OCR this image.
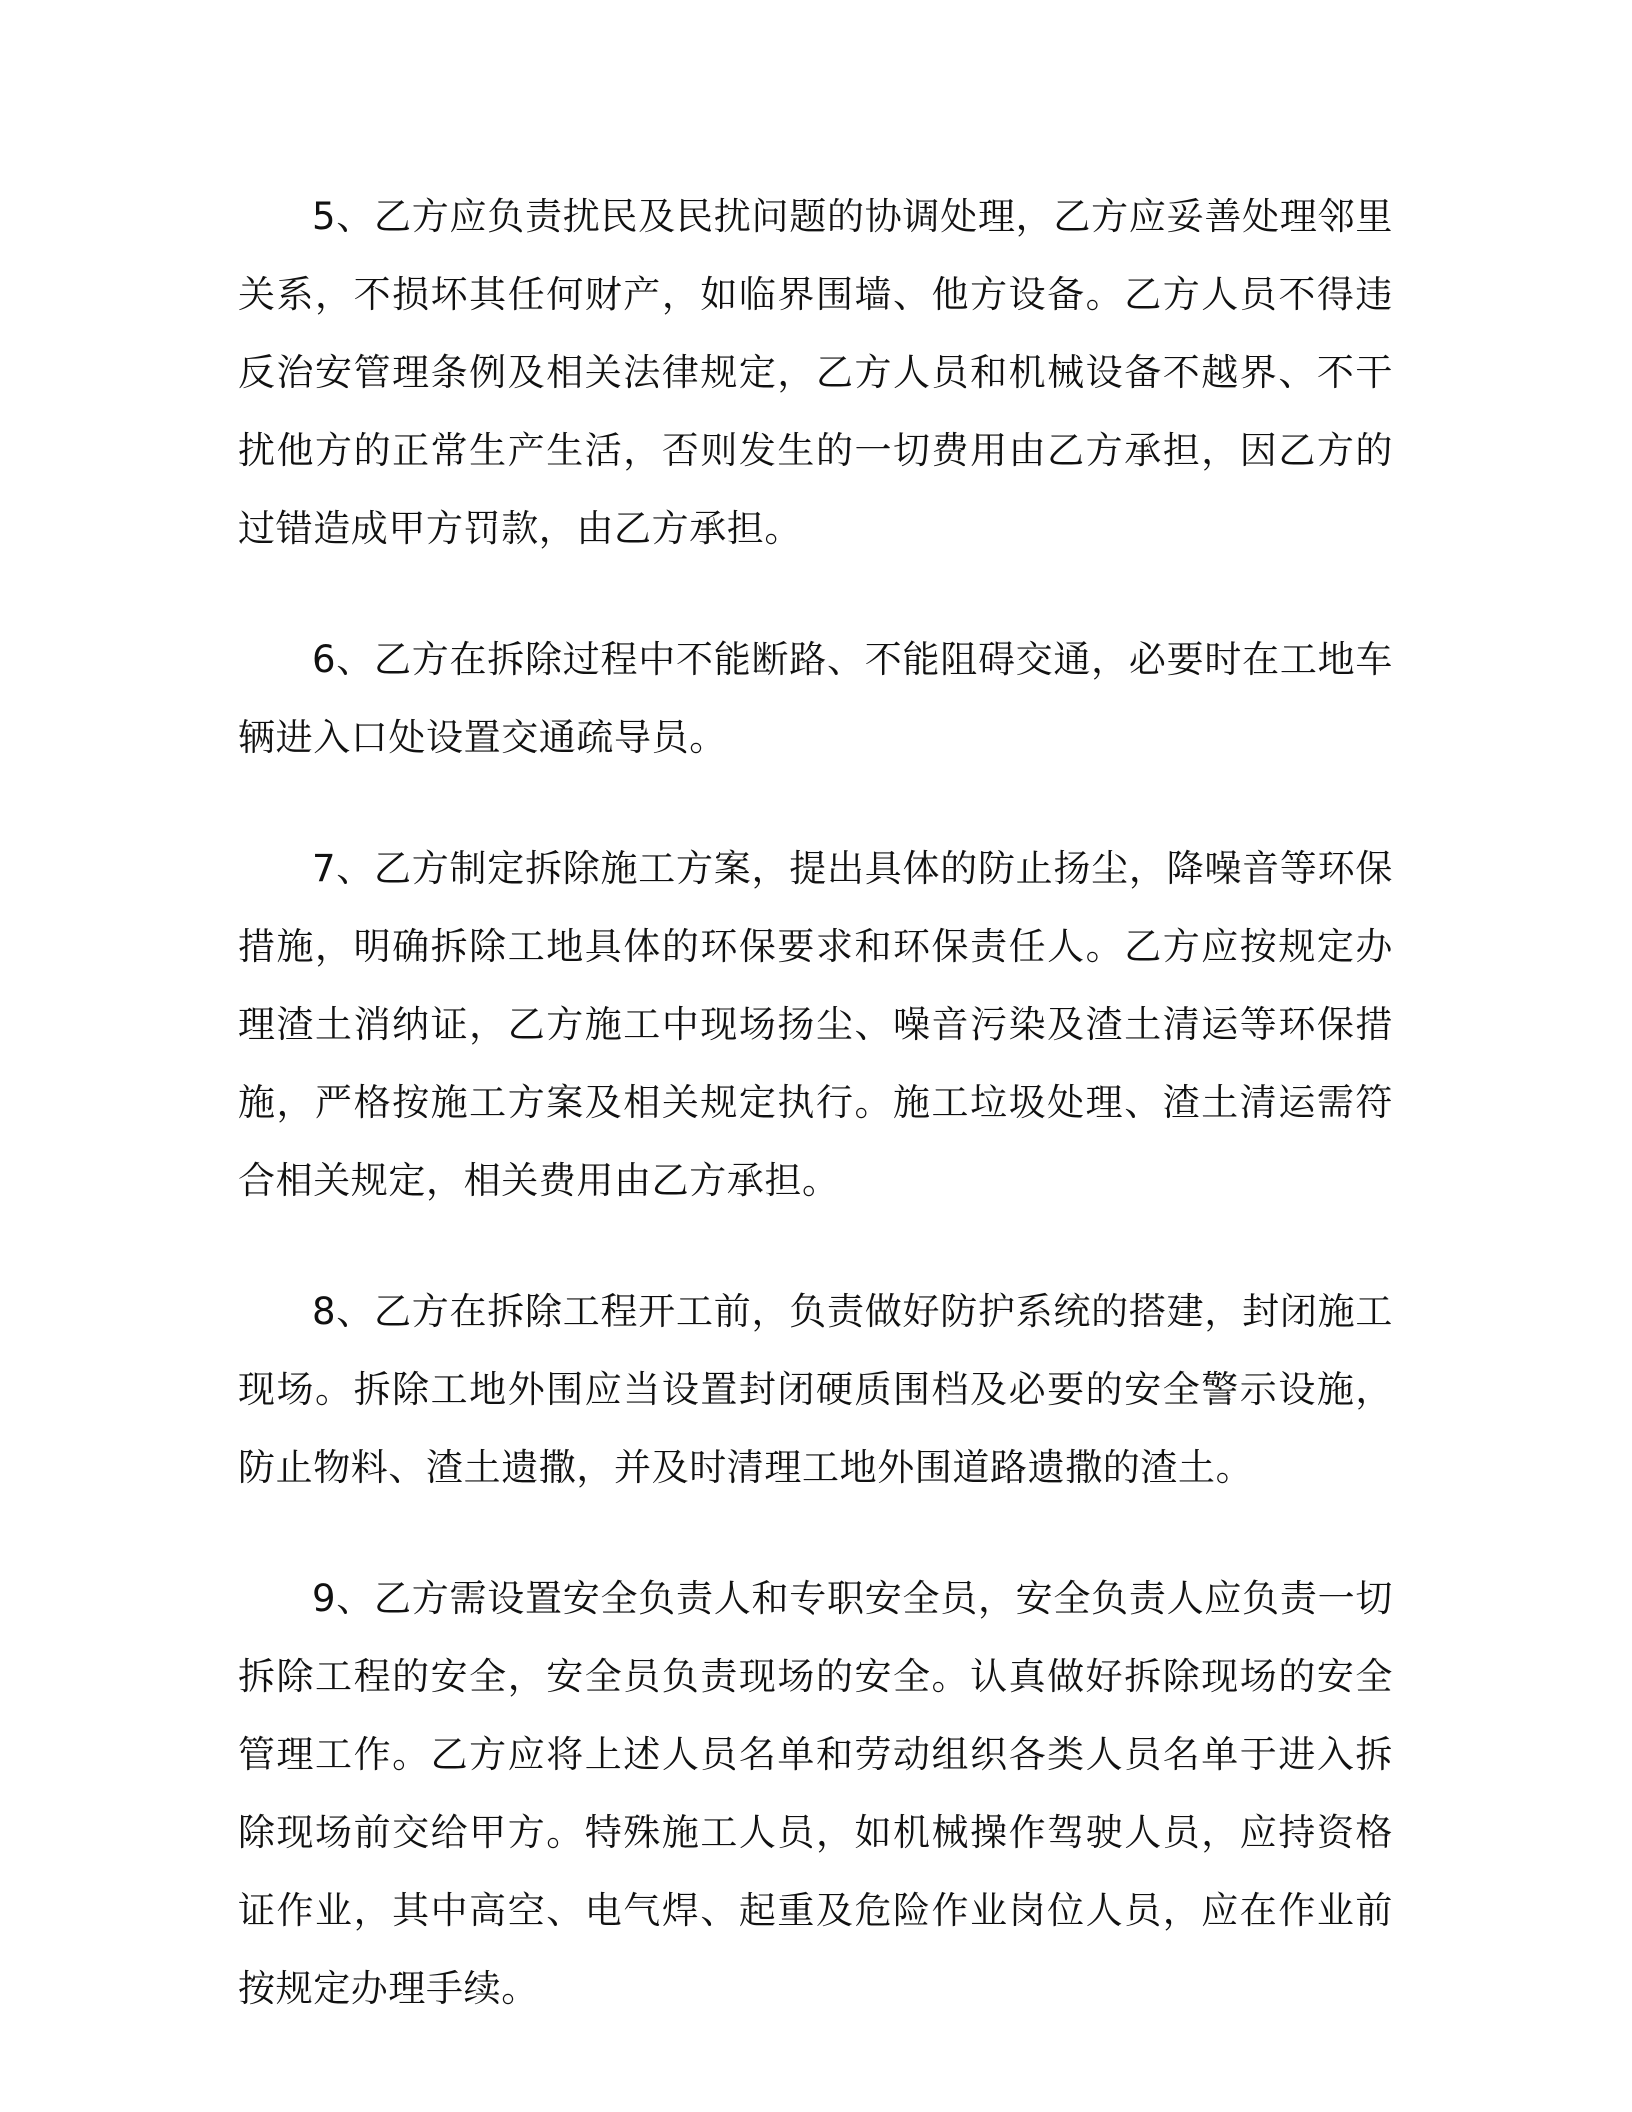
5、乙方应负责扰民及民扰问题的协调处理，乙方应妥善处理邻里关系，不损坏其任何财产，如临界围墙、他方设备。乙方人员不得违反治安管理条例及相关法律规定，乙方人员和机械设备不越界、不干扰他方的正常生产生活，否则发生的一切费用由乙方承担，因乙方的过错造成甲方罚款，由乙方承担。

6、乙方在拆除过程中不能断路、不能阻碍交通，必要时在工地车辆进入口处设置交通疏导员。

7、乙方制定拆除施工方案，提出具体的防止扬尘，降噪音等环保措施，明确拆除工地具体的环保要求和环保责任人。乙方应按规定办理渣土消纳证，乙方施工中现场扬尘、噪音污染及渣土清运等环保措施，严格按施工方案及相关规定执行。施工垃圾处理、渣土清运需符合相关规定，相关费用由乙方承担。

8、乙方在拆除工程开工前，负责做好防护系统的搭建，封闭施工现场。拆除工地外围应当设置封闭硬质围档及必要的安全警示设施，防止物料、渣土遗撒，并及时清理工地外围道路遗撒的渣土。

9、乙方需设置安全负责人和专职安全员，安全负责人应负责一切拆除工程的安全，安全员负责现场的安全。认真做好拆除现场的安全管理工作。乙方应将上述人员名单和劳动组织各类人员名单于进入拆除现场前交给甲方。特殊施工人员，如机械操作驾驶人员，应持资格证作业，其中高空、电气焊、起重及危险作业岗位人员，应在作业前按规定办理手续。
